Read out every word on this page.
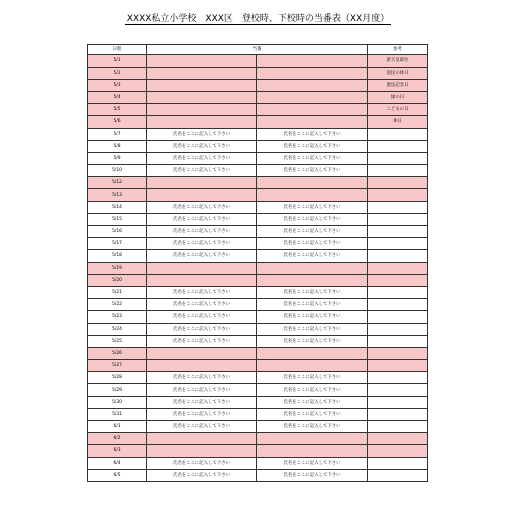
XXXX私立小学校　XXX区　登校時、下校時の当番表（XX月度）
日程	当番		参考
5/1			新天皇即位
5/2			国民の休日
5/3			憲法記念日
5/4			緑の日
5/5			こどもの日
5/6			休日
5/7	氏名をここに記入して下さい	氏名をここに記入して下さい	
5/8	氏名をここに記入して下さい	氏名をここに記入して下さい	
5/9	氏名をここに記入して下さい	氏名をここに記入して下さい	
5/10	氏名をここに記入して下さい	氏名をここに記入して下さい	
5/12			
5/13			
5/14	氏名をここに記入して下さい	氏名をここに記入して下さい	
5/15	氏名をここに記入して下さい	氏名をここに記入して下さい	
5/16	氏名をここに記入して下さい	氏名をここに記入して下さい	
5/17	氏名をここに記入して下さい	氏名をここに記入して下さい	
5/18	氏名をここに記入して下さい	氏名をここに記入して下さい	
5/19			
5/20			
5/21	氏名をここに記入して下さい	氏名をここに記入して下さい	
5/22	氏名をここに記入して下さい	氏名をここに記入して下さい	
5/23	氏名をここに記入して下さい	氏名をここに記入して下さい	
5/24	氏名をここに記入して下さい	氏名をここに記入して下さい	
5/25	氏名をここに記入して下さい	氏名をここに記入して下さい	
5/26			
5/27			
5/28	氏名をここに記入して下さい	氏名をここに記入して下さい	
5/29	氏名をここに記入して下さい	氏名をここに記入して下さい	
5/30	氏名をここに記入して下さい	氏名をここに記入して下さい	
5/31	氏名をここに記入して下さい	氏名をここに記入して下さい	
6/1	氏名をここに記入して下さい	氏名をここに記入して下さい	
6/2			
6/3			
6/4	氏名をここに記入して下さい	氏名をここに記入して下さい	
6/5	氏名をここに記入して下さい	氏名をここに記入して下さい	
